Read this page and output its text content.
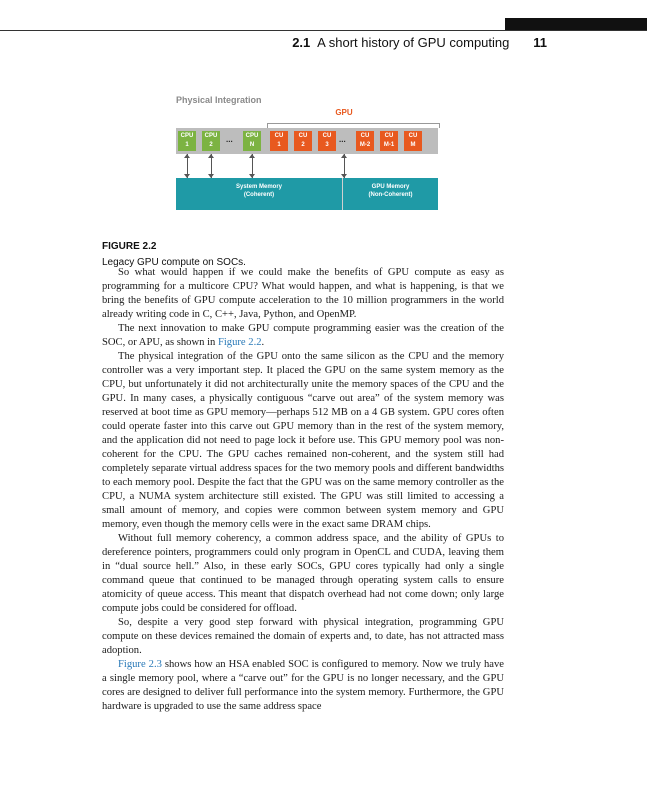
2.1 A short history of GPU computing	11
Physical Integration
GPU
CPU
1
CPU
2
...	CPU
N
CU
1
CU
2
CU
3
...	CU
M-2
CU
M-1
CU
M
System Memory
(Coherent)
GPU Memory
(Non-Coherent)
FIGURE 2.2
Legacy GPU compute on SOCs.

So what would happen if we could make the benefits of GPU compute as easy as programming for a multicore CPU? What would happen, and what is happening, is that we bring the benefits of GPU compute acceleration to the 10 million programmers in the world already writing code in C, C++, Java, Python, and OpenMP.

The next innovation to make GPU compute programming easier was the creation of the SOC, or APU, as shown in Figure 2.2.

The physical integration of the GPU onto the same silicon as the CPU and the memory controller was a very important step. It placed the GPU on the same system memory as the CPU, but unfortunately it did not architecturally unite the memory spaces of the CPU and the GPU. In many cases, a physically contiguous “carve out area” of the system memory was reserved at boot time as GPU memory—perhaps 512 MB on a 4 GB system. GPU cores often could operate faster into this carve out GPU memory than in the rest of the system memory, and the application did not need to page lock it before use. This GPU memory pool was non-coherent for the CPU. The GPU caches remained non-coherent, and the system still had completely separate virtual address spaces for the two memory pools and different bandwidths to each memory pool. Despite the fact that the GPU was on the same memory controller as the CPU, a NUMA system architecture still existed. The GPU was still limited to accessing a small amount of memory, and copies were common between system memory and GPU memory, even though the memory cells were in the exact same DRAM chips.

Without full memory coherency, a common address space, and the ability of GPUs to dereference pointers, programmers could only program in OpenCL and CUDA, leaving them in “dual source hell.” Also, in these early SOCs, GPU cores typically had only a single command queue that continued to be managed through operating system calls to ensure atomicity of queue access. This meant that dispatch overhead had not come down; only large compute jobs could be considered for offload.

So, despite a very good step forward with physical integration, programming GPU compute on these devices remained the domain of experts and, to date, has not attracted mass adoption.

Figure 2.3 shows how an HSA enabled SOC is configured to memory. Now we truly have a single memory pool, where a “carve out” for the GPU is no longer necessary, and the GPU cores are designed to deliver full performance into the system memory. Furthermore, the GPU hardware is upgraded to use the same address space
